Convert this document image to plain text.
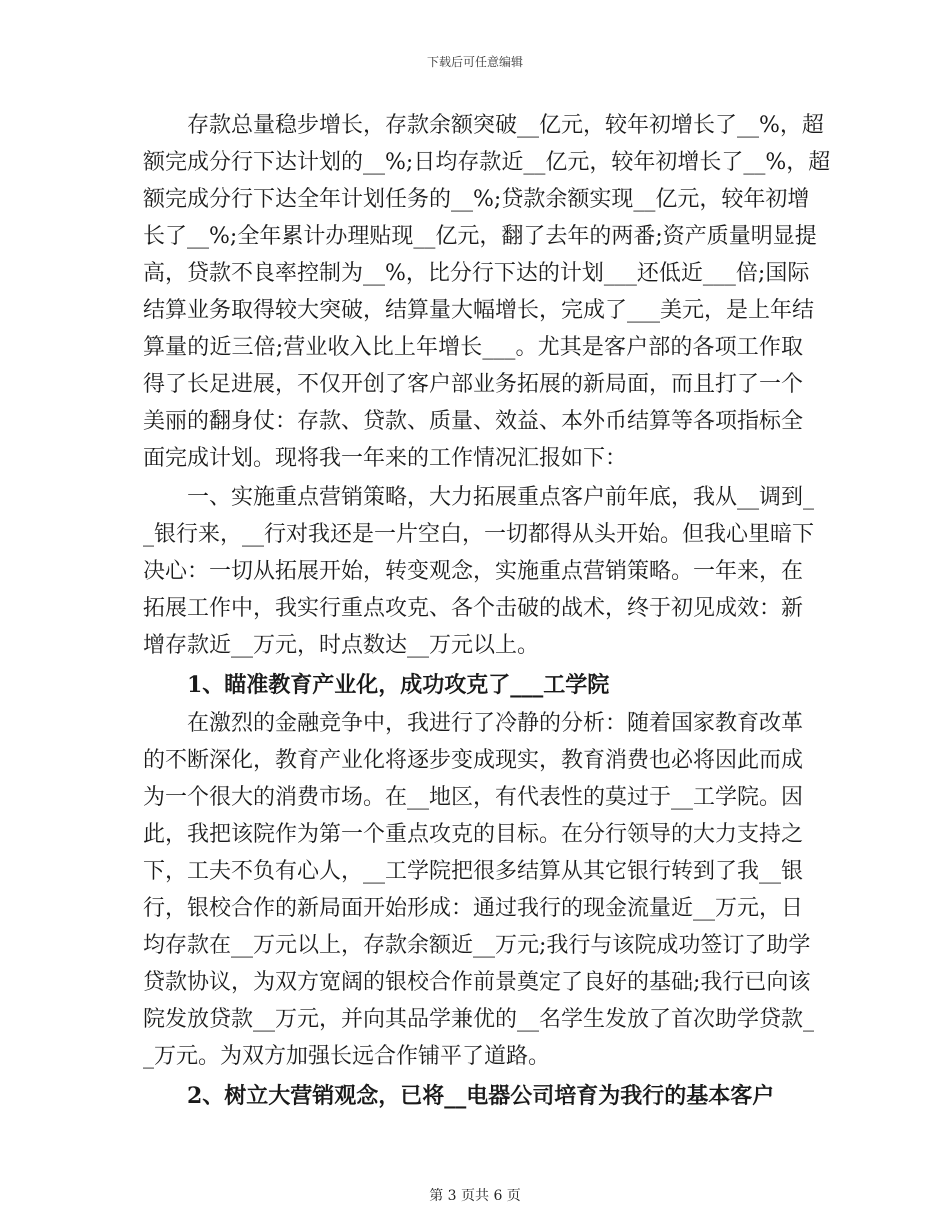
下载后可任意编辑
　　存款总量稳步增长，存款余额突破__亿元，较年初增长了__%，超
额完成分行下达计划的__%;日均存款近__亿元，较年初增长了__%，超
额完成分行下达全年计划任务的__%;贷款余额实现__亿元，较年初增
长了__%;全年累计办理贴现__亿元，翻了去年的两番;资产质量明显提
高，贷款不良率控制为__%，比分行下达的计划___还低近___倍;国际
结算业务取得较大突破，结算量大幅增长，完成了___美元，是上年结
算量的近三倍;营业收入比上年增长___。尤其是客户部的各项工作取
得了长足进展，不仅开创了客户部业务拓展的新局面，而且打了一个
美丽的翻身仗：存款、贷款、质量、效益、本外币结算等各项指标全
面完成计划。现将我一年来的工作情况汇报如下：
　　一、实施重点营销策略，大力拓展重点客户前年底，我从__调到_
_银行来，__行对我还是一片空白，一切都得从头开始。但我心里暗下
决心：一切从拓展开始，转变观念，实施重点营销策略。一年来，在
拓展工作中，我实行重点攻克、各个击破的战术，终于初见成效：新
增存款近__万元，时点数达__万元以上。
　　1、瞄准教育产业化，成功攻克了___工学院
　　在激烈的金融竞争中，我进行了冷静的分析：随着国家教育改革
的不断深化，教育产业化将逐步变成现实，教育消费也必将因此而成
为一个很大的消费市场。在__地区，有代表性的莫过于__工学院。因
此，我把该院作为第一个重点攻克的目标。在分行领导的大力支持之
下，工夫不负有心人，__工学院把很多结算从其它银行转到了我__银
行，银校合作的新局面开始形成：通过我行的现金流量近__万元，日
均存款在__万元以上，存款余额近__万元;我行与该院成功签订了助学
贷款协议，为双方宽阔的银校合作前景奠定了良好的基础;我行已向该
院发放贷款__万元，并向其品学兼优的__名学生发放了首次助学贷款_
_万元。为双方加强长远合作铺平了道路。
　　2、树立大营销观念，已将__电器公司培育为我行的基本客户
第 3 页共 6 页
